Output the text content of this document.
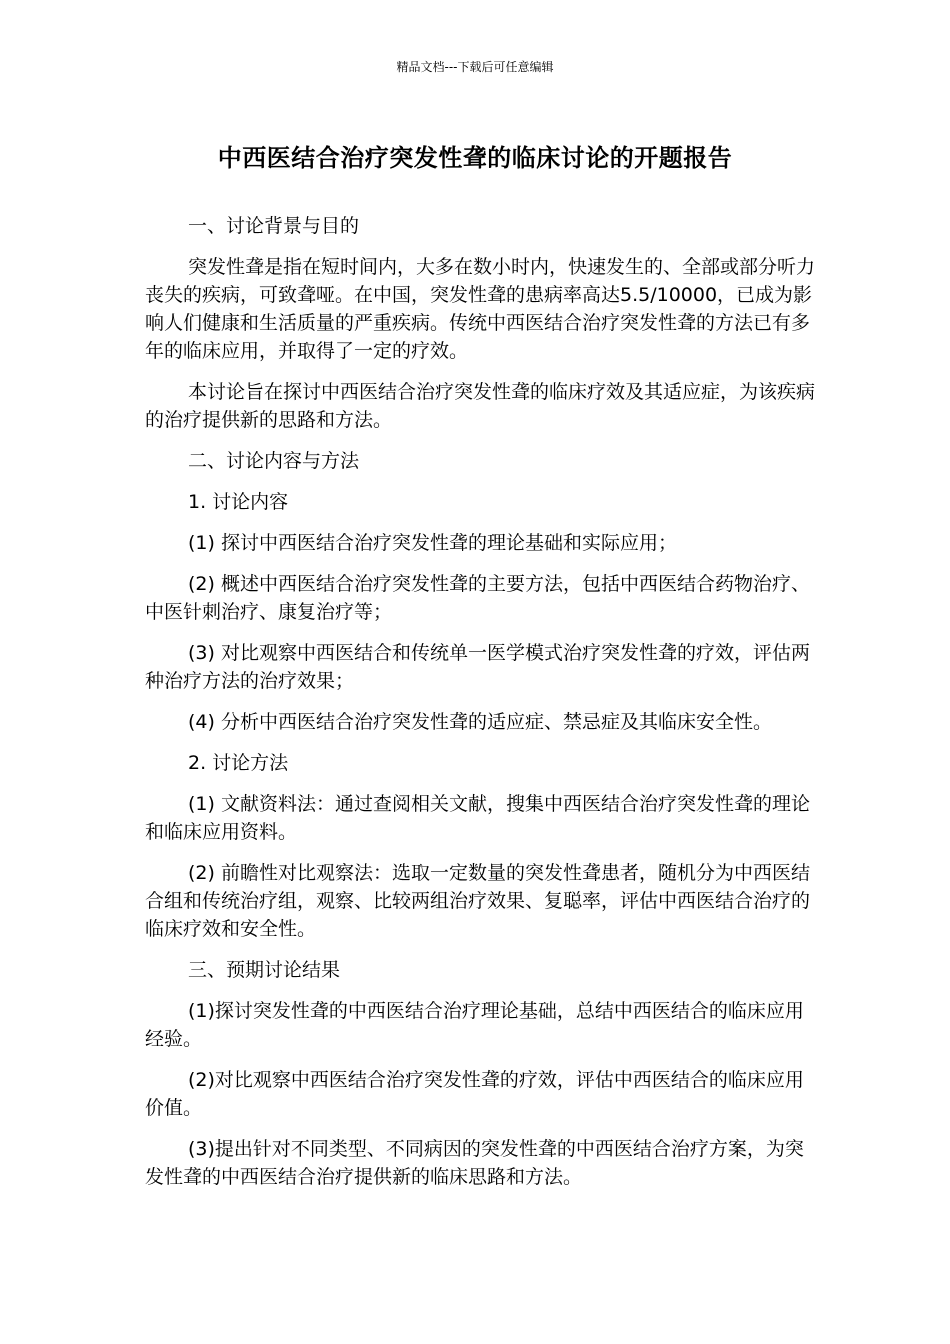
精品文档---下载后可任意编辑
中西医结合治疗突发性聋的临床讨论的开题报告

一、讨论背景与目的

突发性聋是指在短时间内，大多在数小时内，快速发生的、全部或部分听力丧失的疾病，可致聋哑。在中国，突发性聋的患病率高达5.5/10000，已成为影响人们健康和生活质量的严重疾病。传统中西医结合治疗突发性聋的方法已有多年的临床应用，并取得了一定的疗效。

本讨论旨在探讨中西医结合治疗突发性聋的临床疗效及其适应症，为该疾病的治疗提供新的思路和方法。

二、讨论内容与方法

1. 讨论内容

(1) 探讨中西医结合治疗突发性聋的理论基础和实际应用；

(2) 概述中西医结合治疗突发性聋的主要方法，包括中西医结合药物治疗、中医针刺治疗、康复治疗等；

(3) 对比观察中西医结合和传统单一医学模式治疗突发性聋的疗效，评估两种治疗方法的治疗效果；

(4) 分析中西医结合治疗突发性聋的适应症、禁忌症及其临床安全性。

2. 讨论方法

(1) 文献资料法：通过查阅相关文献，搜集中西医结合治疗突发性聋的理论和临床应用资料。

(2) 前瞻性对比观察法：选取一定数量的突发性聋患者，随机分为中西医结合组和传统治疗组，观察、比较两组治疗效果、复聪率，评估中西医结合治疗的临床疗效和安全性。

三、预期讨论结果

(1)探讨突发性聋的中西医结合治疗理论基础，总结中西医结合的临床应用经验。

(2)对比观察中西医结合治疗突发性聋的疗效，评估中西医结合的临床应用价值。

(3)提出针对不同类型、不同病因的突发性聋的中西医结合治疗方案，为突发性聋的中西医结合治疗提供新的临床思路和方法。
